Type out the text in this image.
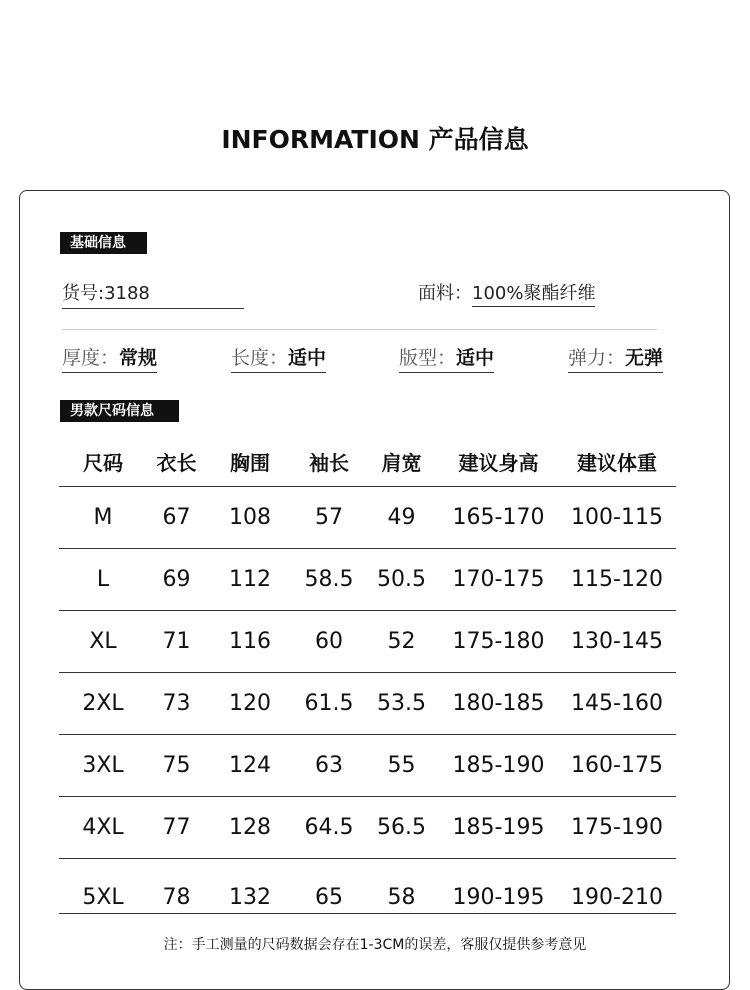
INFORMATION 产品信息
基础信息
货号:3188	面料：100%聚酯纤维
厚度：常规	长度：适中	版型：适中	弹力：无弹
男款尺码信息
尺码	衣长	胸围	袖长	肩宽	建议身高	建议体重
M	67	108	57	49	165-170	100-115
L	69	112	58.5	50.5	170-175	115-120
XL	71	116	60	52	175-180	130-145
2XL	73	120	61.5	53.5	180-185	145-160
3XL	75	124	63	55	185-190	160-175
4XL	77	128	64.5	56.5	185-195	175-190
5XL	78	132	65	58	190-195	190-210
注：手工测量的尺码数据会存在1-3CM的误差，客服仅提供参考意见
